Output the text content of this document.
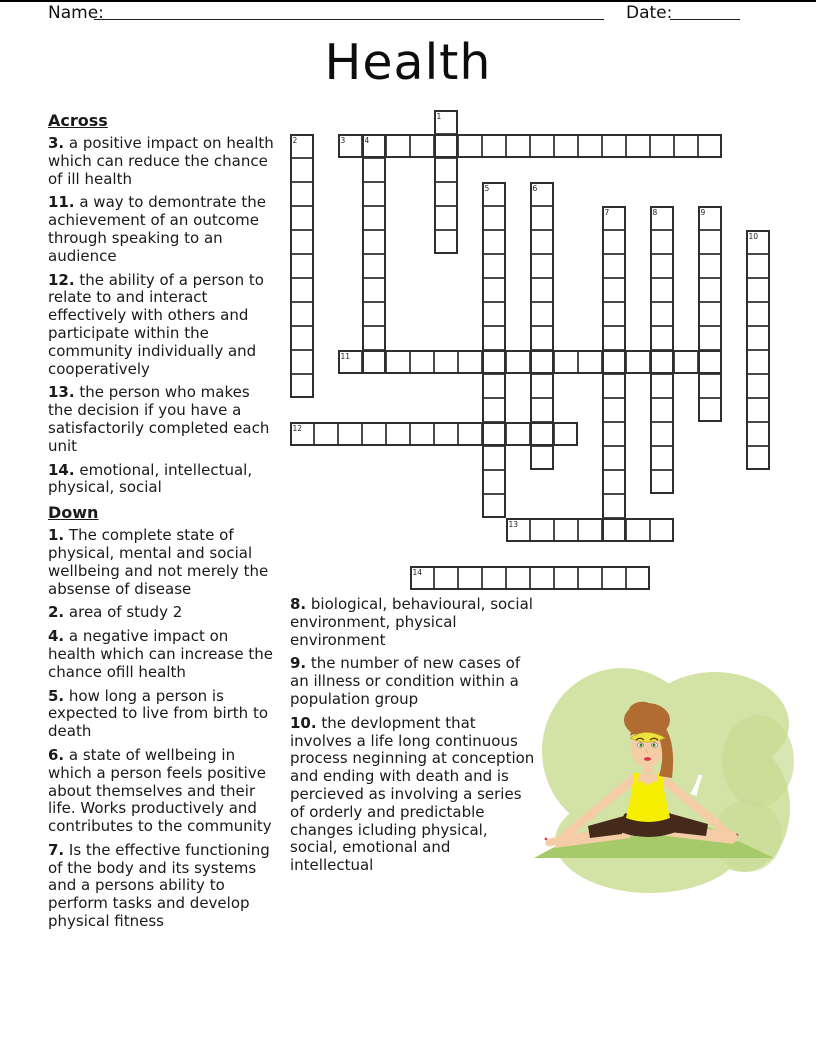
Name:	Date:
Health
Across
3. a positive impact on health which can reduce the chance of ill health
11. a way to demontrate the achievement of an outcome through speaking to an audience
12. the ability of a person to relate to and interact effectively with others and participate within the community individually and cooperatively
13. the person who makes the decision if you have a satisfactorily completed each unit
14. emotional, intellectual, physical, social
Down
1. The complete state of physical, mental and social wellbeing and not merely the absense of disease
2. area of study 2
4. a negative impact on health which can increase the chance ofill health
5. how long a person is expected to live from birth to death
6. a state of wellbeing in which a person feels positive about themselves and their life. Works productively and contributes to the community
7. Is the effective functioning of the body and its systems and a persons ability to perform tasks and develop physical fitness
8. biological, behavioural, social environment, physical environment
9. the number of new cases of an illness or condition within a population group
10. the devlopment that involves a life long continuous process neginning at conception and ending with death and is percieved as involving a series of orderly and predictable changes icluding physical, social, emotional and intellectual
3
11
12
13
14
1
2	4
5	6
7	8	9
10
